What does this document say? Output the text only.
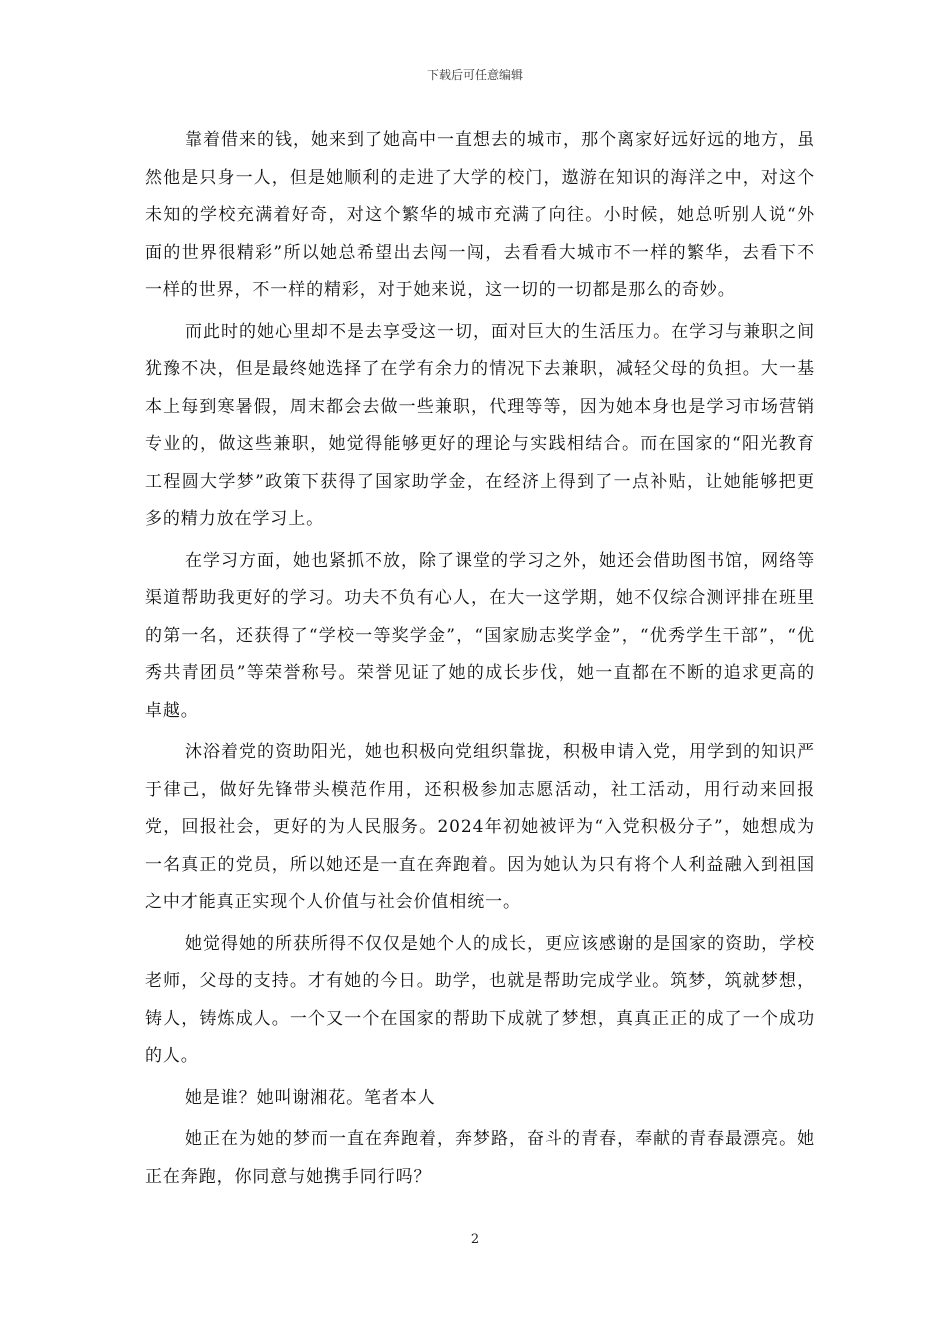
下载后可任意编辑

靠着借来的钱，她来到了她高中一直想去的城市，那个离家好远好远的地方，虽然他是只身一人，但是她顺利的走进了大学的校门，遨游在知识的海洋之中，对这个未知的学校充满着好奇，对这个繁华的城市充满了向往。小时候，她总听别人说“外面的世界很精彩”所以她总希望出去闯一闯，去看看大城市不一样的繁华，去看下不一样的世界，不一样的精彩，对于她来说，这一切的一切都是那么的奇妙。

而此时的她心里却不是去享受这一切，面对巨大的生活压力。在学习与兼职之间犹豫不决，但是最终她选择了在学有余力的情况下去兼职，减轻父母的负担。大一基本上每到寒暑假，周末都会去做一些兼职，代理等等，因为她本身也是学习市场营销专业的，做这些兼职，她觉得能够更好的理论与实践相结合。而在国家的“阳光教育工程圆大学梦”政策下获得了国家助学金，在经济上得到了一点补贴，让她能够把更多的精力放在学习上。

在学习方面，她也紧抓不放，除了课堂的学习之外，她还会借助图书馆，网络等渠道帮助我更好的学习。功夫不负有心人，在大一这学期，她不仅综合测评排在班里的第一名，还获得了“学校一等奖学金”，“国家励志奖学金”，“优秀学生干部”，“优秀共青团员”等荣誉称号。荣誉见证了她的成长步伐，她一直都在不断的追求更高的卓越。

沐浴着党的资助阳光，她也积极向党组织靠拢，积极申请入党，用学到的知识严于律己，做好先锋带头模范作用，还积极参加志愿活动，社工活动，用行动来回报党，回报社会，更好的为人民服务。2024年初她被评为“入党积极分子”，她想成为一名真正的党员，所以她还是一直在奔跑着。因为她认为只有将个人利益融入到祖国之中才能真正实现个人价值与社会价值相统一。

她觉得她的所获所得不仅仅是她个人的成长，更应该感谢的是国家的资助，学校老师，父母的支持。才有她的今日。助学，也就是帮助完成学业。筑梦，筑就梦想，铸人，铸炼成人。一个又一个在国家的帮助下成就了梦想，真真正正的成了一个成功的人。

她是谁？她叫谢湘花。笔者本人

她正在为她的梦而一直在奔跑着，奔梦路，奋斗的青春，奉献的青春最漂亮。她正在奔跑，你同意与她携手同行吗？

2
